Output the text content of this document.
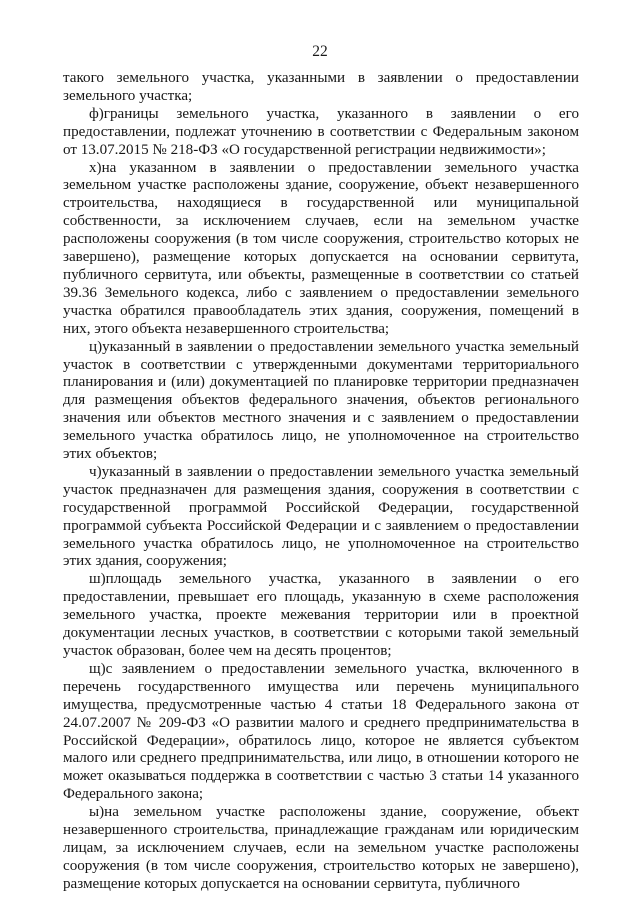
22

такого земельного участка, указанными в заявлении о предоставлении земельного участка;

ф)границы земельного участка, указанного в заявлении о его предоставлении, подлежат уточнению в соответствии с Федеральным законом от 13.07.2015 № 218-ФЗ «О государственной регистрации недвижимости»;

х)на указанном в заявлении о предоставлении земельного участка земельном участке расположены здание, сооружение, объект незавершенного строительства, находящиеся в государственной или муниципальной собственности, за исключением случаев, если на земельном участке расположены сооружения (в том числе сооружения, строительство которых не завершено), размещение которых допускается на основании сервитута, публичного сервитута, или объекты, размещенные в соответствии со статьей 39.36 Земельного кодекса, либо с заявлением о предоставлении земельного участка обратился правообладатель этих здания, сооружения, помещений в них, этого объекта незавершенного строительства;

ц)указанный в заявлении о предоставлении земельного участка земельный участок в соответствии с утвержденными документами территориального планирования и (или) документацией по планировке территории предназначен для размещения объектов федерального значения, объектов регионального значения или объектов местного значения и с заявлением о предоставлении земельного участка обратилось лицо, не уполномоченное на строительство этих объектов;

ч)указанный в заявлении о предоставлении земельного участка земельный участок предназначен для размещения здания, сооружения в соответствии с государственной программой Российской Федерации, государственной программой субъекта Российской Федерации и с заявлением о предоставлении земельного участка обратилось лицо, не уполномоченное на строительство этих здания, сооружения;

ш)площадь земельного участка, указанного в заявлении о его предоставлении, превышает его площадь, указанную в схеме расположения земельного участка, проекте межевания территории или в проектной документации лесных участков, в соответствии с которыми такой земельный участок образован, более чем на десять процентов;

щ)с заявлением о предоставлении земельного участка, включенного в перечень государственного имущества или перечень муниципального имущества, предусмотренные частью 4 статьи 18 Федерального закона от 24.07.2007 № 209-ФЗ «О развитии малого и среднего предпринимательства в Российской Федерации», обратилось лицо, которое не является субъектом малого или среднего предпринимательства, или лицо, в отношении которого не может оказываться поддержка в соответствии с частью 3 статьи 14 указанного Федерального закона;

ы)на земельном участке расположены здание, сооружение, объект незавершенного строительства, принадлежащие гражданам или юридическим лицам, за исключением случаев, если на земельном участке расположены сооружения (в том числе сооружения, строительство которых не завершено), размещение которых допускается на основании сервитута, публичного
